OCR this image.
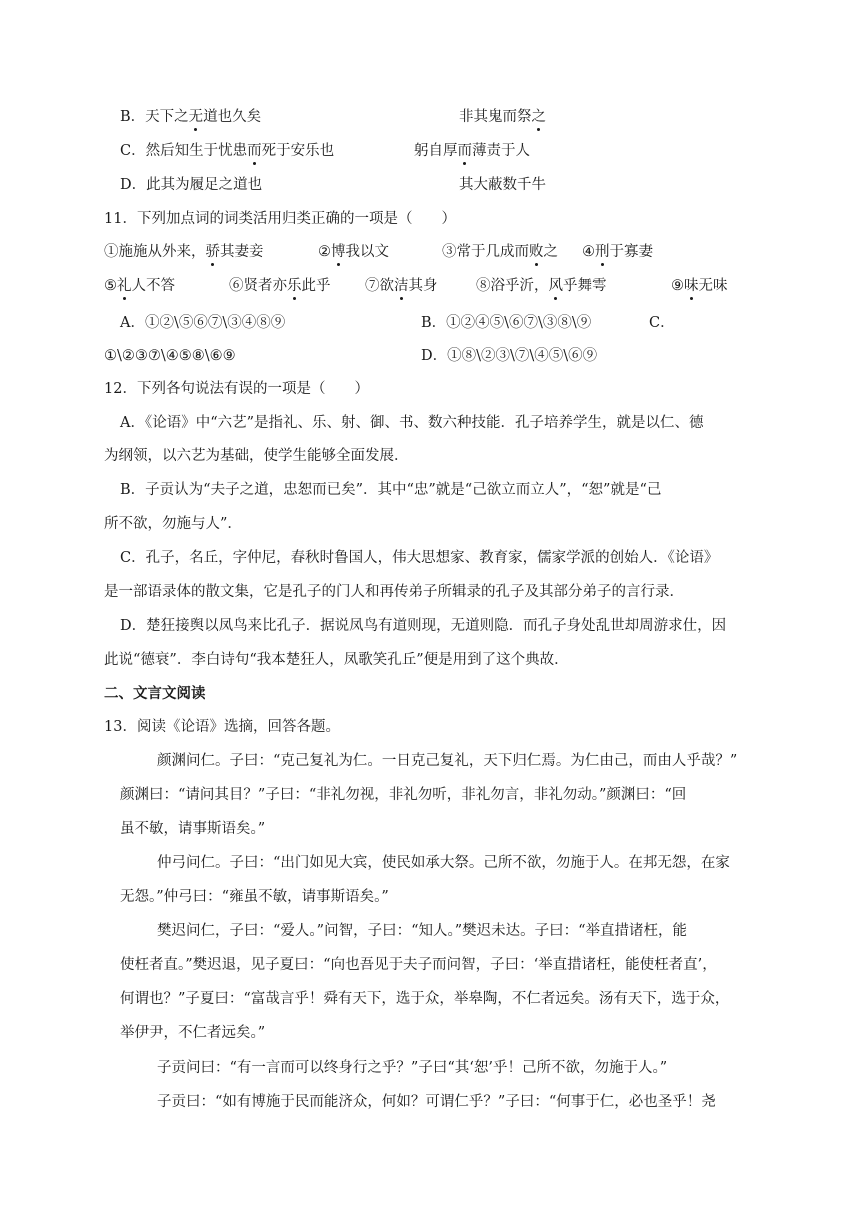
B．天下之无道也久矣	非其鬼而祭之
C．然后知生于忧患而死于安乐也	躬自厚而薄责于人
D．此其为履足之道也	其大蔽数千牛
11．下列加点词的词类活用归类正确的一项是（　　）
①施施从外来，骄其妻妾	②博我以文	③常于几成而败之 ④刑于寡妻
⑤礼人不答	⑥贤者亦乐此乎 ⑦欲洁其身	⑧浴乎沂，风乎舞雩	⑨味无味
A．①②\⑤⑥⑦\③④⑧⑨	B．①②④⑤\⑥⑦\③⑧\⑨	C．
①\②③⑦\④⑤⑧\⑥⑨	D．①⑧\②③\⑦\④⑤\⑥⑨
12．下列各句说法有误的一项是（　　）
A．《论语》中“六艺”是指礼、乐、射、御、书、数六种技能．孔子培养学生，就是以仁、德
为纲领，以六艺为基础，使学生能够全面发展．
B．子贡认为“夫子之道，忠恕而已矣”．其中“忠”就是“己欲立而立人”，“恕”就是“己
所不欲，勿施与人”．
C．孔子，名丘，字仲尼，春秋时鲁国人，伟大思想家、教育家，儒家学派的创始人．《论语》
是一部语录体的散文集，它是孔子的门人和再传弟子所辑录的孔子及其部分弟子的言行录．
D．楚狂接舆以凤鸟来比孔子．据说凤鸟有道则现，无道则隐．而孔子身处乱世却周游求仕，因
此说“德衰”．李白诗句“我本楚狂人，凤歌笑孔丘”便是用到了这个典故．
二、文言文阅读
13．阅读《论语》选摘，回答各题。
颜渊问仁。子曰：“克己复礼为仁。一日克己复礼，天下归仁焉。为仁由己，而由人乎哉？”
颜渊曰：“请问其目？”子曰：“非礼勿视，非礼勿听，非礼勿言，非礼勿动。”颜渊曰：“回
虽不敏，请事斯语矣。”
仲弓问仁。子曰：“出门如见大宾，使民如承大祭。己所不欲，勿施于人。在邦无怨，在家
无怨。”仲弓曰：“雍虽不敏，请事斯语矣。”
樊迟问仁，子曰：“爱人。”问智，子曰：“知人。”樊迟未达。子曰：“举直措诸枉，能
使枉者直。”樊迟退，见子夏曰：“向也吾见于夫子而问智，子曰：‘举直措诸枉，能使枉者直’，
何谓也？”子夏曰：“富哉言乎！舜有天下，选于众，举皋陶，不仁者远矣。汤有天下，选于众，
举伊尹，不仁者远矣。”
子贡问曰：“有一言而可以终身行之乎？”子曰“其‘恕’乎！己所不欲，勿施于人。”
子贡曰：“如有博施于民而能济众，何如？可谓仁乎？”子曰：“何事于仁，必也圣乎！尧
